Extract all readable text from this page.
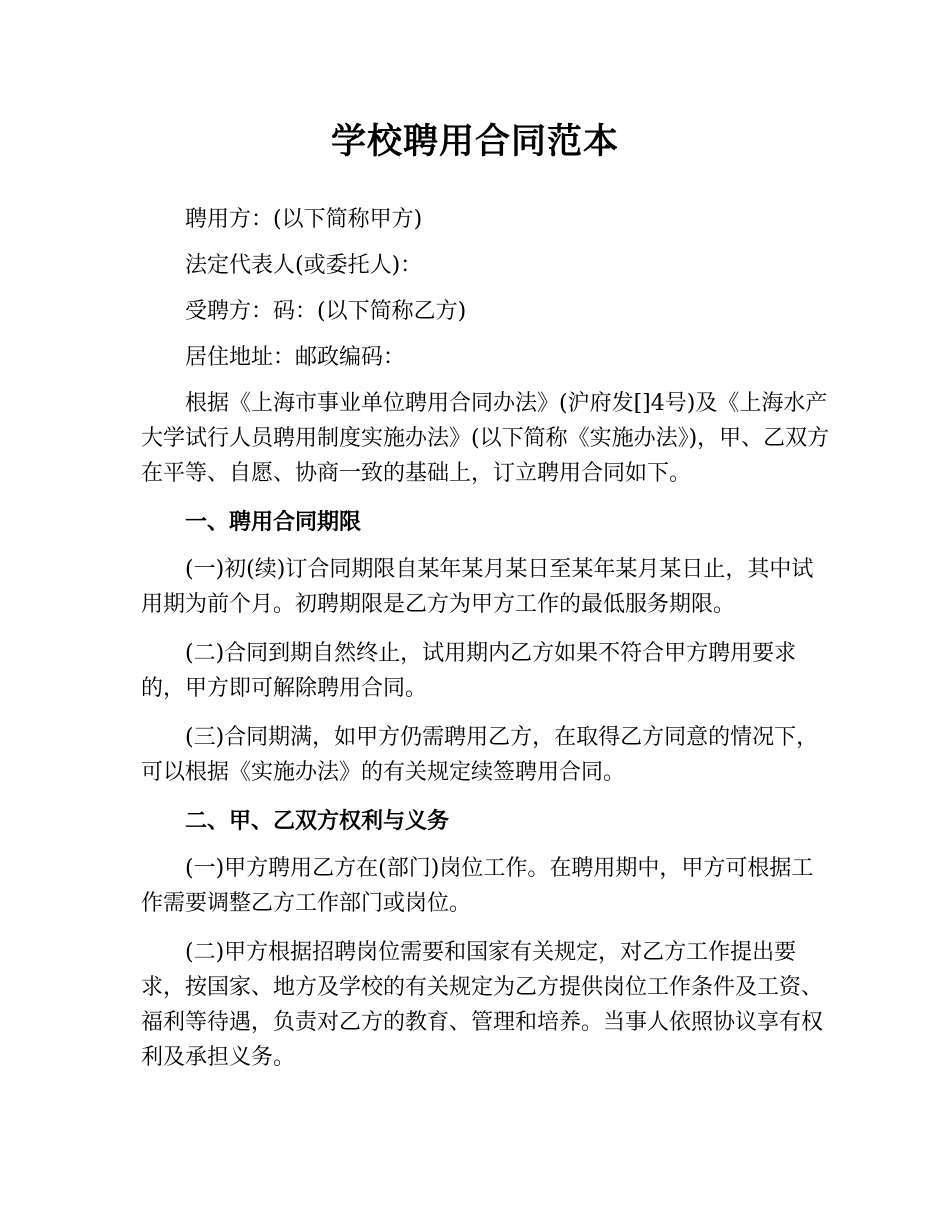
学校聘用合同范本

聘用方：(以下简称甲方)

法定代表人(或委托人)：

受聘方：码：(以下简称乙方)

居住地址：邮政编码：

根据《上海市事业单位聘用合同办法》(沪府发[]4号)及《上海水产大学试行人员聘用制度实施办法》(以下简称《实施办法》)，甲、乙双方在平等、自愿、协商一致的基础上，订立聘用合同如下。

一、聘用合同期限

(一)初(续)订合同期限自某年某月某日至某年某月某日止，其中试用期为前个月。初聘期限是乙方为甲方工作的最低服务期限。

(二)合同到期自然终止，试用期内乙方如果不符合甲方聘用要求的，甲方即可解除聘用合同。

(三)合同期满，如甲方仍需聘用乙方，在取得乙方同意的情况下，可以根据《实施办法》的有关规定续签聘用合同。

二、甲、乙双方权利与义务

(一)甲方聘用乙方在(部门)岗位工作。在聘用期中，甲方可根据工作需要调整乙方工作部门或岗位。

(二)甲方根据招聘岗位需要和国家有关规定，对乙方工作提出要求，按国家、地方及学校的有关规定为乙方提供岗位工作条件及工资、福利等待遇，负责对乙方的教育、管理和培养。当事人依照协议享有权利及承担义务。
